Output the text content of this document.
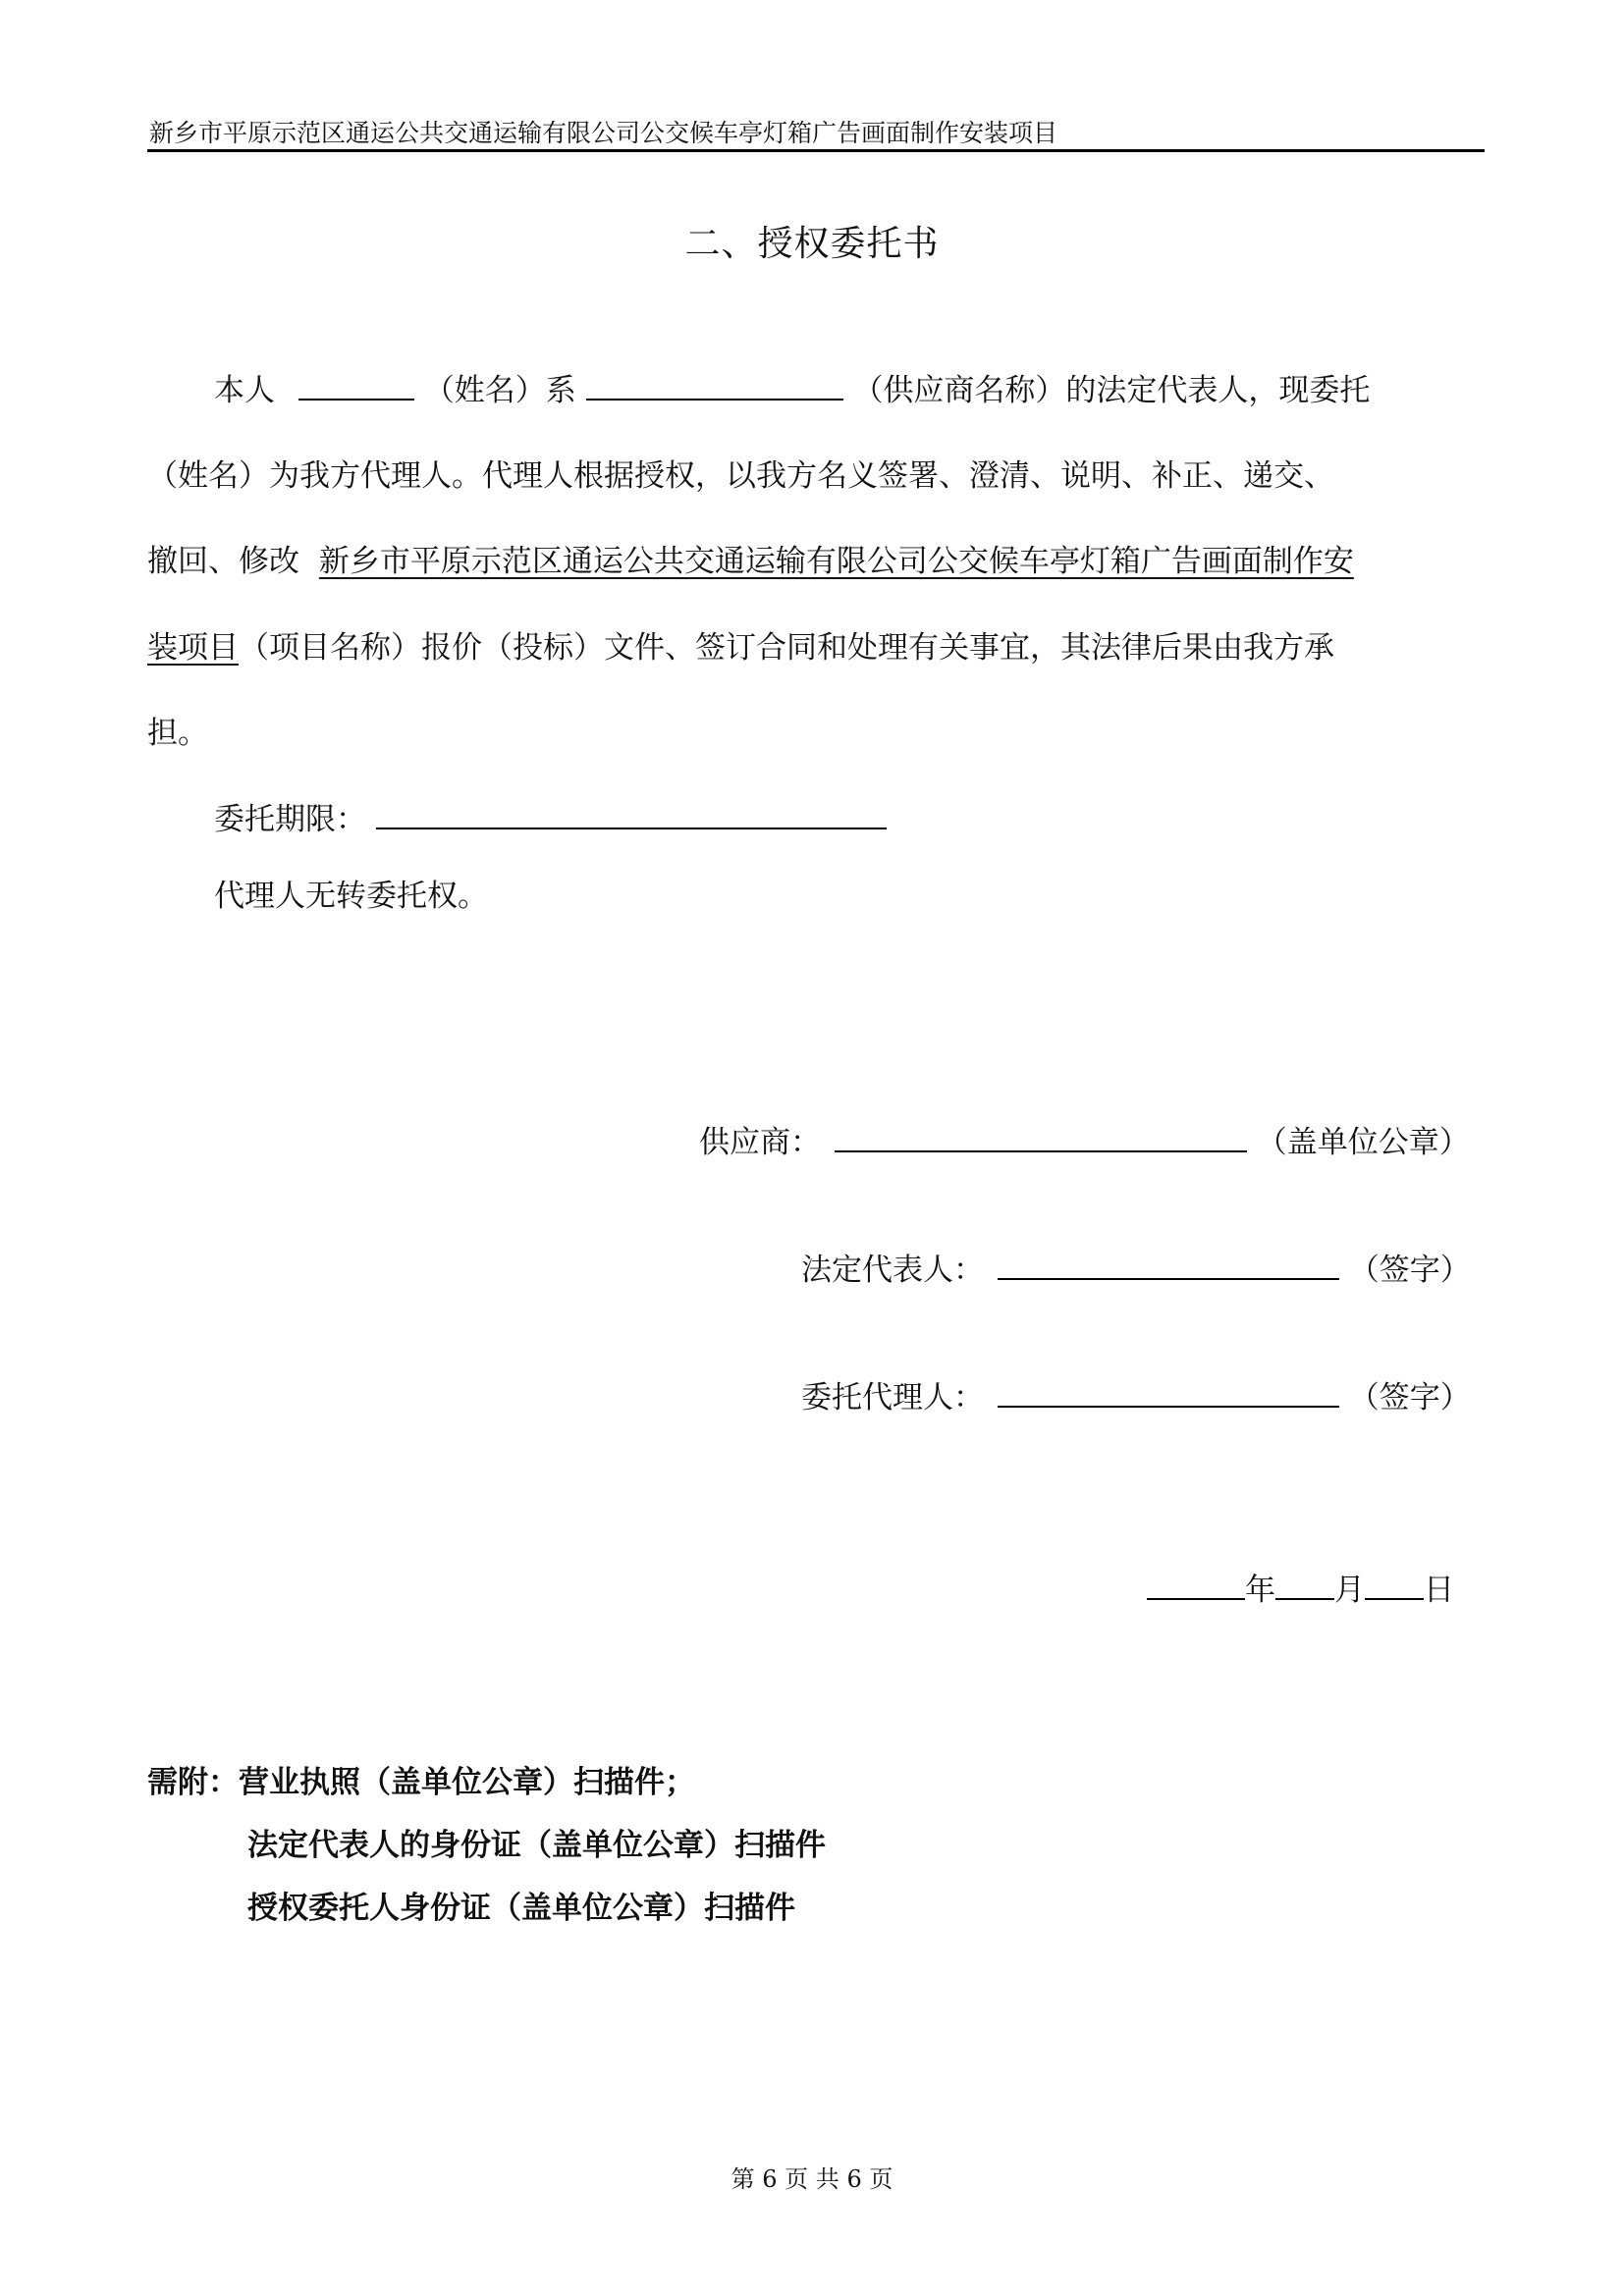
新乡市平原示范区通运公共交通运输有限公司公交候车亭灯箱广告画面制作安装项目
二、授权委托书
本人	（姓名）系	（供应商名称）的法定代表人，现委托
（姓名）为我方代理人。代理人根据授权，以我方名义签署、澄清、说明、补正、递交、
撤回、修改 新乡市平原示范区通运公共交通运输有限公司公交候车亭灯箱广告画面制作安
装项目（项目名称）报价（投标）文件、签订合同和处理有关事宜，其法律后果由我方承
担。
委托期限：
代理人无转委托权。
供应商：	（盖单位公章）
法定代表人：	（签字）
委托代理人：	（签字）
年 月 日
需附：营业执照（盖单位公章）扫描件；
法定代表人的身份证（盖单位公章）扫描件
授权委托人身份证（盖单位公章）扫描件
第 6 页 共 6 页
